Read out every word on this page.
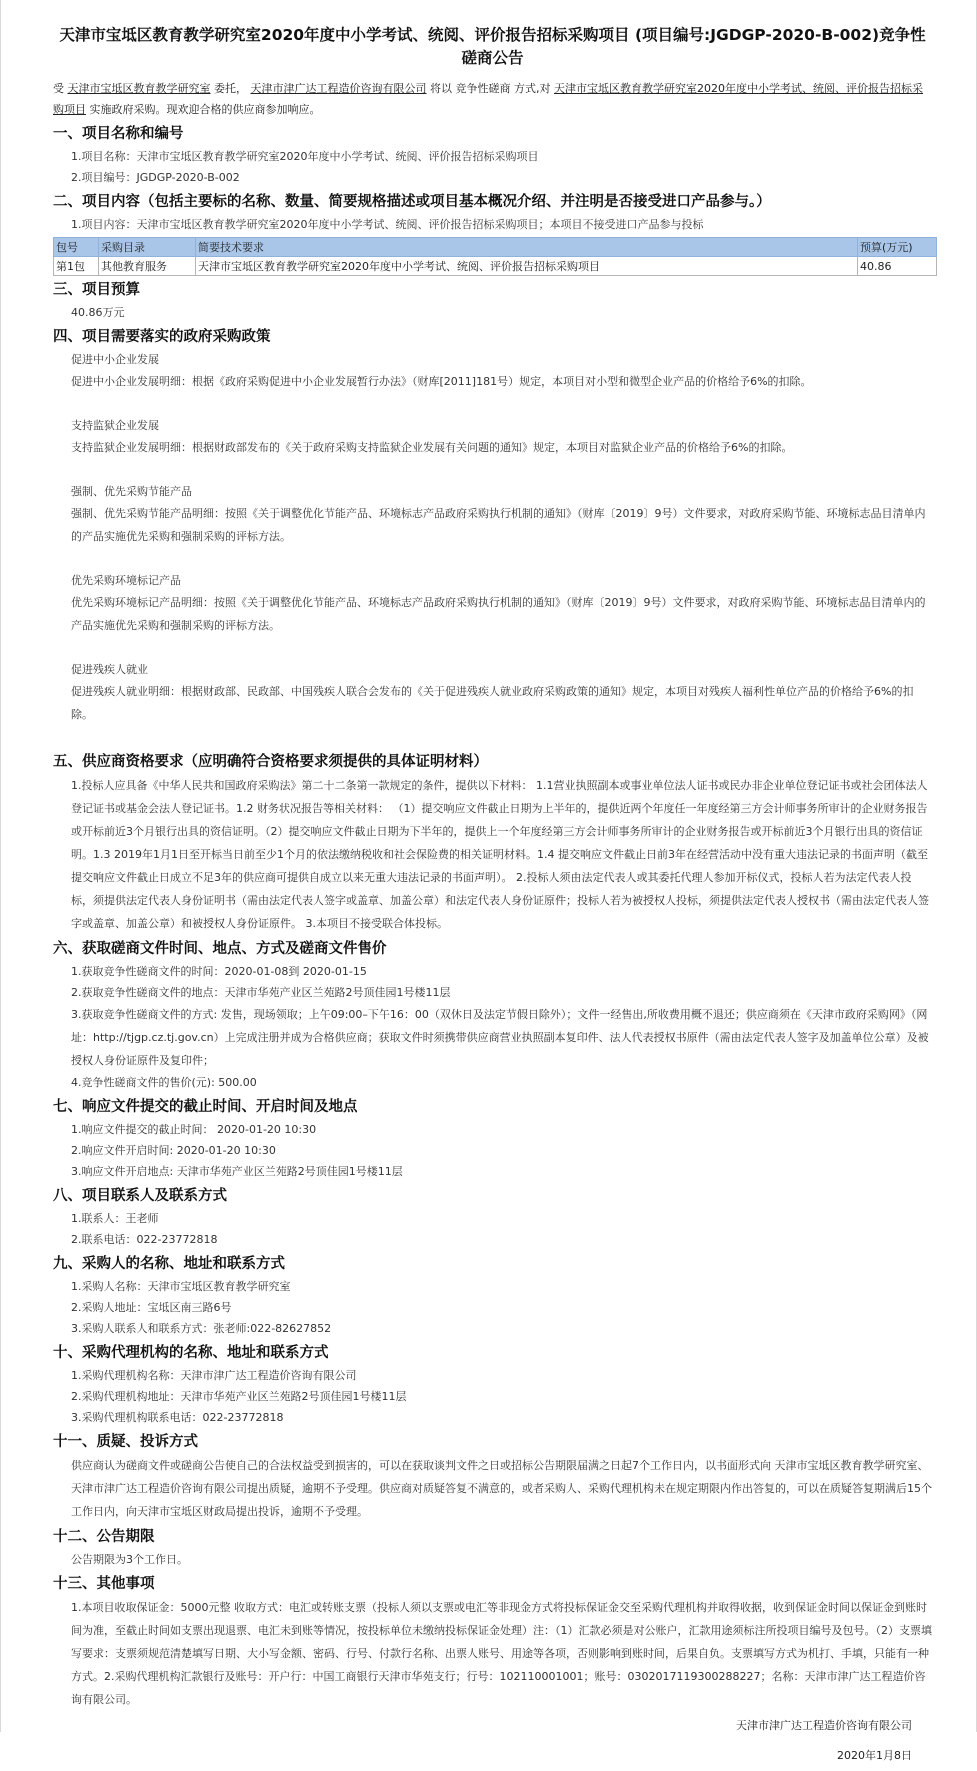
天津市宝坻区教育教学研究室2020年度中小学考试、统阅、评价报告招标采购项目 (项目编号:JGDGP-2020-B-002)竞争性磋商公告
受 天津市宝坻区教育教学研究室 委托， 天津市津广达工程造价咨询有限公司 将以 竞争性磋商 方式,对 天津市宝坻区教育教学研究室2020年度中小学考试、统阅、评价报告招标采购项目 实施政府采购。现欢迎合格的供应商参加响应。
一、项目名称和编号
1.项目名称：天津市宝坻区教育教学研究室2020年度中小学考试、统阅、评价报告招标采购项目
2.项目编号：JGDGP-2020-B-002
二、项目内容（包括主要标的名称、数量、简要规格描述或项目基本概况介绍、并注明是否接受进口产品参与。）
1.项目内容：天津市宝坻区教育教学研究室2020年度中小学考试、统阅、评价报告招标采购项目；本项目不接受进口产品参与投标
包号	采购目录	简要技术要求	预算(万元)
第1包	其他教育服务	天津市宝坻区教育教学研究室2020年度中小学考试、统阅、评价报告招标采购项目	40.86
三、项目预算
40.86万元
四、项目需要落实的政府采购政策
促进中小企业发展
促进中小企业发展明细：根据《政府采购促进中小企业发展暂行办法》（财库[2011]181号）规定，本项目对小型和微型企业产品的价格给予6%的扣除。
支持监狱企业发展
支持监狱企业发展明细：根据财政部发布的《关于政府采购支持监狱企业发展有关问题的通知》规定，本项目对监狱企业产品的价格给予6%的扣除。
强制、优先采购节能产品
强制、优先采购节能产品明细：按照《关于调整优化节能产品、环境标志产品政府采购执行机制的通知》（财库〔2019〕9号）文件要求，对政府采购节能、环境标志品目清单内的产品实施优先采购和强制采购的评标方法。
优先采购环境标记产品
优先采购环境标记产品明细：按照《关于调整优化节能产品、环境标志产品政府采购执行机制的通知》（财库〔2019〕9号）文件要求，对政府采购节能、环境标志品目清单内的产品实施优先采购和强制采购的评标方法。
促进残疾人就业
促进残疾人就业明细：根据财政部、民政部、中国残疾人联合会发布的《关于促进残疾人就业政府采购政策的通知》规定，本项目对残疾人福利性单位产品的价格给予6%的扣除。
五、供应商资格要求（应明确符合资格要求须提供的具体证明材料）
1.投标人应具备《中华人民共和国政府采购法》第二十二条第一款规定的条件，提供以下材料： 1.1营业执照副本或事业单位法人证书或民办非企业单位登记证书或社会团体法人登记证书或基金会法人登记证书。1.2 财务状况报告等相关材料： （1）提交响应文件截止日期为上半年的，提供近两个年度任一年度经第三方会计师事务所审计的企业财务报告或开标前近3个月银行出具的资信证明。（2）提交响应文件截止日期为下半年的，提供上一个年度经第三方会计师事务所审计的企业财务报告或开标前近3个月银行出具的资信证明。1.3 2019年1月1日至开标当日前至少1个月的依法缴纳税收和社会保险费的相关证明材料。1.4 提交响应文件截止日前3年在经营活动中没有重大违法记录的书面声明（截至提交响应文件截止日成立不足3年的供应商可提供自成立以来无重大违法记录的书面声明）。 2.投标人须由法定代表人或其委托代理人参加开标仪式，投标人若为法定代表人投标，须提供法定代表人身份证明书（需由法定代表人签字或盖章、加盖公章）和法定代表人身份证原件；投标人若为被授权人投标，须提供法定代表人授权书（需由法定代表人签字或盖章、加盖公章）和被授权人身份证原件。 3.本项目不接受联合体投标。
六、获取磋商文件时间、地点、方式及磋商文件售价
1.获取竞争性磋商文件的时间：2020-01-08到 2020-01-15
2.获取竞争性磋商文件的地点：天津市华苑产业区兰苑路2号顶佳园1号楼11层
3.获取竞争性磋商文件的方式: 发售，现场领取；上午09:00–下午16：00（双休日及法定节假日除外）；文件一经售出,所收费用概不退还；供应商须在《天津市政府采购网》（网址：http://tjgp.cz.tj.gov.cn）上完成注册并成为合格供应商；获取文件时须携带供应商营业执照副本复印件、法人代表授权书原件（需由法定代表人签字及加盖单位公章）及被授权人身份证原件及复印件；
4.竞争性磋商文件的售价(元): 500.00
七、响应文件提交的截止时间、开启时间及地点
1.响应文件提交的截止时间： 2020-01-20 10:30
2.响应文件开启时间: 2020-01-20 10:30
3.响应文件开启地点: 天津市华苑产业区兰苑路2号顶佳园1号楼11层
八、项目联系人及联系方式
1.联系人：王老师
2.联系电话：022-23772818
九、采购人的名称、地址和联系方式
1.采购人名称：天津市宝坻区教育教学研究室
2.采购人地址：宝坻区南三路6号
3.采购人联系人和联系方式：张老师:022-82627852
十、采购代理机构的名称、地址和联系方式
1.采购代理机构名称：天津市津广达工程造价咨询有限公司
2.采购代理机构地址：天津市华苑产业区兰苑路2号顶佳园1号楼11层
3.采购代理机构联系电话：022-23772818
十一、质疑、投诉方式
供应商认为磋商文件或磋商公告使自己的合法权益受到损害的，可以在获取谈判文件之日或招标公告期限届满之日起7个工作日内，以书面形式向 天津市宝坻区教育教学研究室、天津市津广达工程造价咨询有限公司提出质疑，逾期不予受理。供应商对质疑答复不满意的，或者采购人、采购代理机构未在规定期限内作出答复的，可以在质疑答复期满后15个工作日内，向天津市宝坻区财政局提出投诉，逾期不予受理。
十二、公告期限
公告期限为3个工作日。
十三、其他事项
1.本项目收取保证金：5000元整 收取方式：电汇或转账支票（投标人须以支票或电汇等非现金方式将投标保证金交至采购代理机构并取得收据，收到保证金时间以保证金到账时间为准，至截止时间如支票出现退票、电汇未到账等情况，按投标单位未缴纳投标保证金处理）注：（1）汇款必须是对公账户，汇款用途须标注所投项目编号及包号。（2）支票填写要求：支票须规范清楚填写日期、大小写金额、密码、行号、付款行名称、出票人账号、用途等各项，否则影响到账时间，后果自负。支票填写方式为机打、手填，只能有一种方式。2.采购代理机构汇款银行及账号：开户行：中国工商银行天津市华苑支行；行号：102110001001；账号：0302017119300288227；名称：天津市津广达工程造价咨询有限公司。
天津市津广达工程造价咨询有限公司
2020年1月8日
